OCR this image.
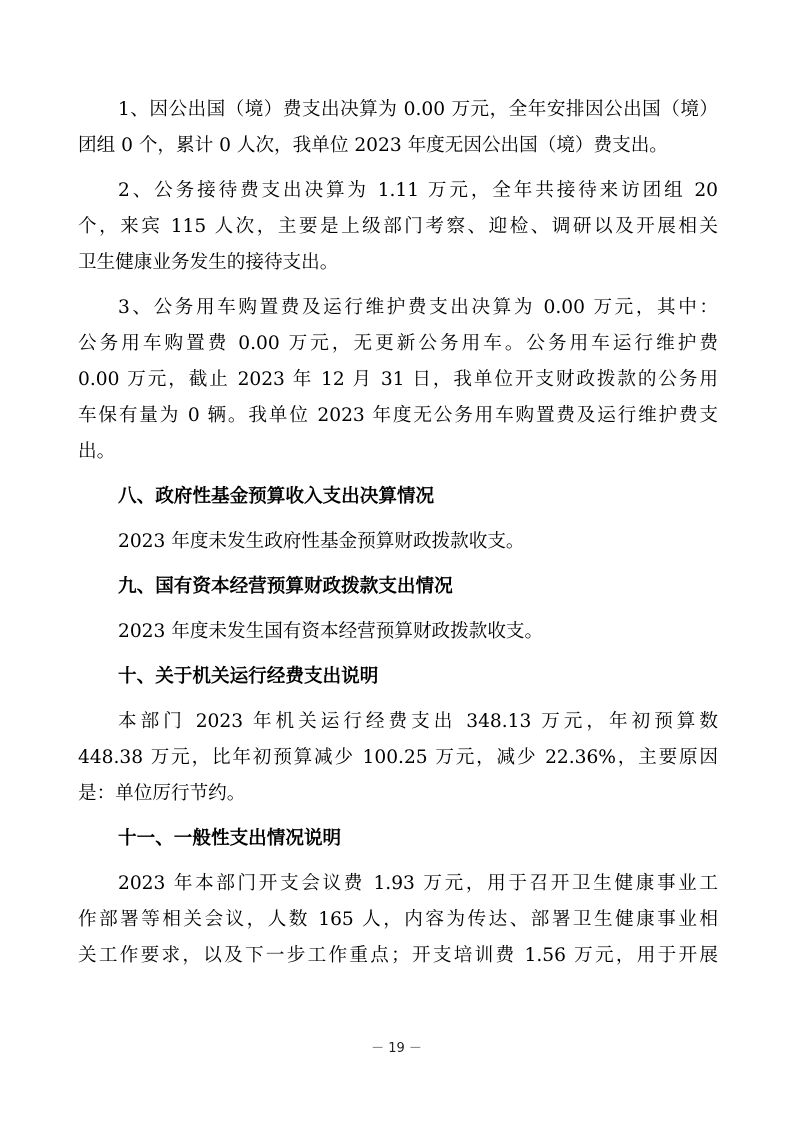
1、因公出国（境）费支出决算为 0.00 万元，全年安排因公出国（境）
团组 0 个，累计 0 人次，我单位 2023 年度无因公出国（境）费支出。
2、公务接待费支出决算为 1.11 万元，全年共接待来访团组 20
个，来宾 115 人次，主要是上级部门考察、迎检、调研以及开展相关
卫生健康业务发生的接待支出。
3、公务用车购置费及运行维护费支出决算为 0.00 万元，其中：
公务用车购置费 0.00 万元，无更新公务用车。公务用车运行维护费
0.00 万元，截止 2023 年 12 月 31 日，我单位开支财政拨款的公务用
车保有量为 0 辆。我单位 2023 年度无公务用车购置费及运行维护费支
出。
八、政府性基金预算收入支出决算情况
2023 年度未发生政府性基金预算财政拨款收支。
九、国有资本经营预算财政拨款支出情况
2023 年度未发生国有资本经营预算财政拨款收支。
十、关于机关运行经费支出说明
本部门 2023 年机关运行经费支出 348.13 万元，年初预算数
448.38 万元，比年初预算减少 100.25 万元，减少 22.36%，主要原因
是：单位厉行节约。
十一、一般性支出情况说明
2023 年本部门开支会议费 1.93 万元，用于召开卫生健康事业工
作部署等相关会议，人数 165 人，内容为传达、部署卫生健康事业相
关工作要求，以及下一步工作重点；开支培训费 1.56 万元，用于开展
－ 19 －
